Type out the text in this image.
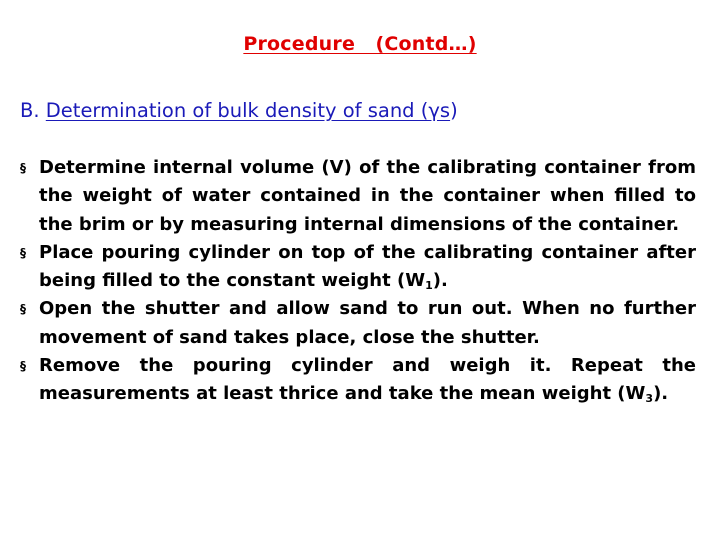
Procedure   (Contd…)
B. Determination of bulk density of sand (γs)
§ Determine internal volume (V) of the calibrating container from the weight of water contained in the container when filled to the brim or by measuring internal dimensions of the container.
§ Place pouring cylinder on top of the calibrating container after being filled to the constant weight $(W_1)$.
§ Open the shutter and allow sand to run out. When no further movement of sand takes place, close the shutter.
§ Remove the pouring cylinder and weigh it. Repeat the measurements at least thrice and take the mean weight $(W_3)$.
